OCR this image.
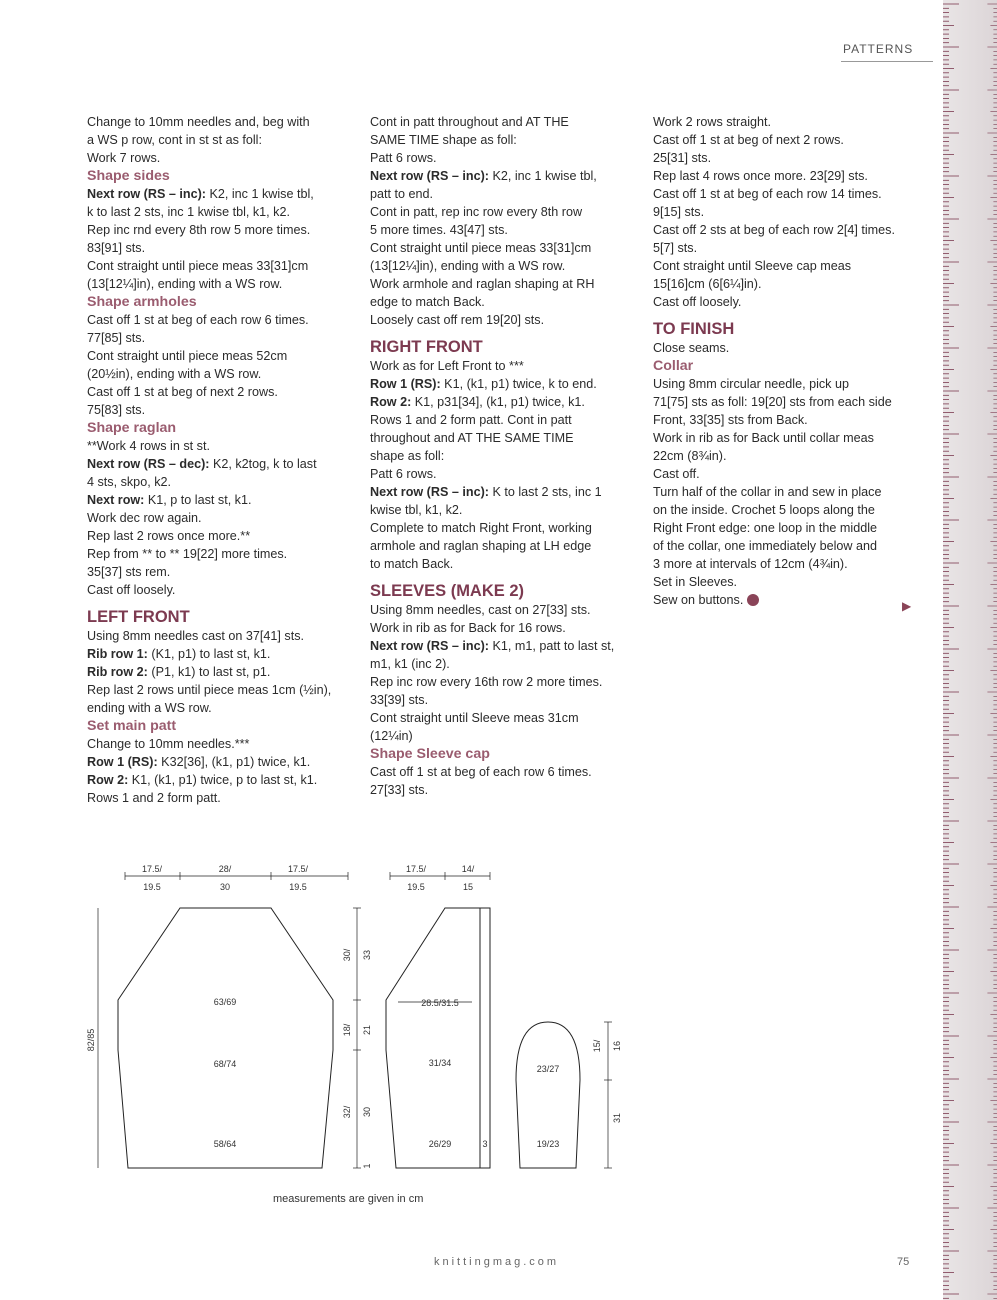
PATTERNS
Change to 10mm needles and, beg with
a WS p row, cont in st st as foll:
Work 7 rows.
Shape sides
Next row (RS – inc): K2, inc 1 kwise tbl,
k to last 2 sts, inc 1 kwise tbl, k1, k2.
Rep inc rnd every 8th row 5 more times.
83[91] sts.
Cont straight until piece meas 33[31]cm
(13[12¼]in), ending with a WS row.
Shape armholes
Cast off 1 st at beg of each row 6 times.
77[85] sts.
Cont straight until piece meas 52cm
(20½in), ending with a WS row.
Cast off 1 st at beg of next 2 rows.
75[83] sts.
Shape raglan
**Work 4 rows in st st.
Next row (RS – dec): K2, k2tog, k to last
4 sts, skpo, k2.
Next row: K1, p to last st, k1.
Work dec row again.
Rep last 2 rows once more.**
Rep from ** to ** 19[22] more times.
35[37] sts rem.
Cast off loosely.
LEFT FRONT
Using 8mm needles cast on 37[41] sts.
Rib row 1: (K1, p1) to last st, k1.
Rib row 2: (P1, k1) to last st, p1.
Rep last 2 rows until piece meas 1cm (½in),
ending with a WS row.
Set main patt
Change to 10mm needles.***
Row 1 (RS): K32[36], (k1, p1) twice, k1.
Row 2: K1, (k1, p1) twice, p to last st, k1.
Rows 1 and 2 form patt.
Cont in patt throughout and AT THE
SAME TIME shape as foll:
Patt 6 rows.
Next row (RS – inc): K2, inc 1 kwise tbl,
patt to end.
Cont in patt, rep inc row every 8th row
5 more times. 43[47] sts.
Cont straight until piece meas 33[31]cm
(13[12¼]in), ending with a WS row.
Work armhole and raglan shaping at RH
edge to match Back.
Loosely cast off rem 19[20] sts.
RIGHT FRONT
Work as for Left Front to ***
Row 1 (RS): K1, (k1, p1) twice, k to end.
Row 2: K1, p31[34], (k1, p1) twice, k1.
Rows 1 and 2 form patt. Cont in patt
throughout and AT THE SAME TIME
shape as foll:
Patt 6 rows.
Next row (RS – inc): K to last 2 sts, inc 1
kwise tbl, k1, k2.
Complete to match Right Front, working
armhole and raglan shaping at LH edge
to match Back.
SLEEVES (MAKE 2)
Using 8mm needles, cast on 27[33] sts.
Work in rib as for Back for 16 rows.
Next row (RS – inc): K1, m1, patt to last st,
m1, k1 (inc 2).
Rep inc row every 16th row 2 more times.
33[39] sts.
Cont straight until Sleeve meas 31cm
(12¼in)
Shape Sleeve cap
Cast off 1 st at beg of each row 6 times.
27[33] sts.
Work 2 rows straight.
Cast off 1 st at beg of next 2 rows.
25[31] sts.
Rep last 4 rows once more. 23[29] sts.
Cast off 1 st at beg of each row 14 times.
9[15] sts.
Cast off 2 sts at beg of each row 2[4] times.
5[7] sts.
Cont straight until Sleeve cap meas
15[16]cm (6[6¼]in).
Cast off loosely.
TO FINISH
Close seams.
Collar
Using 8mm circular needle, pick up
71[75] sts as foll: 19[20] sts from each side
Front, 33[35] sts from Back.
Work in rib as for Back until collar meas
22cm (8¾in).
Cast off.
Turn half of the collar in and sew in place
on the inside. Crochet 5 loops along the
Right Front edge: one loop in the middle
of the collar, one immediately below and
3 more at intervals of 12cm (4¾in).
Set in Sleeves.
Sew on buttons.	▶
17.5/
19.5
28/
30
17.5/
19.5
63/69
68/74
58/64
82/85
30/ 33
18/ 21
32/ 30
1
17.5/
19.5
14/
15
28.5/31.5
31/34
26/29	3
23/27
19/23
15/ 16
31
measurements are given in cm
knittingmag.com	75
